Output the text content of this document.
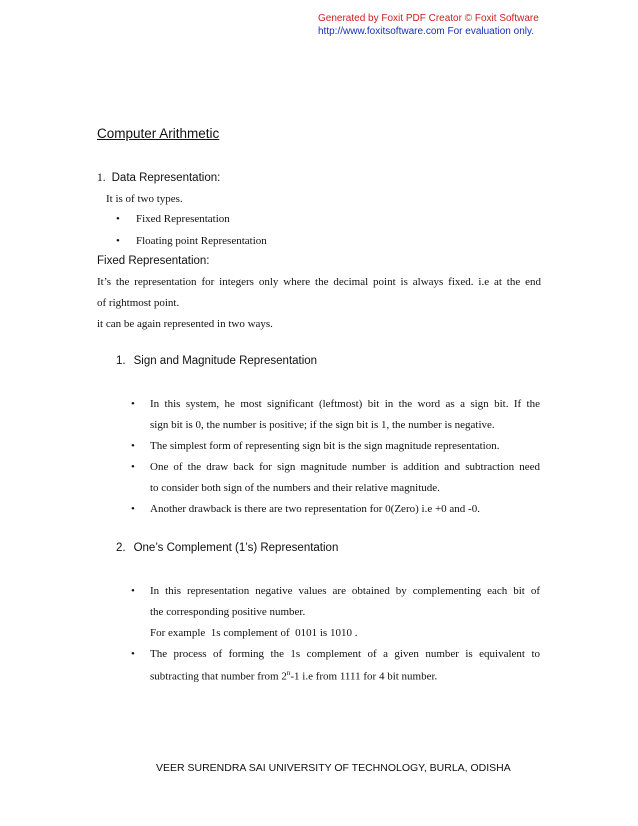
Generated by Foxit PDF Creator © Foxit Software
http://www.foxitsoftware.com For evaluation only.
Computer Arithmetic
1. Data Representation:
It is of two types.
• Fixed Representation
• Floating point Representation
Fixed Representation:
It’s the representation for integers only where the decimal point is always fixed. i.e at the end
of rightmost point.
it can be again represented in two ways.
1. Sign and Magnitude Representation
• In this system, he most significant (leftmost) bit in the word as a sign bit. If the
sign bit is 0, the number is positive; if the sign bit is 1, the number is negative.
• The simplest form of representing sign bit is the sign magnitude representation.
• One of the draw back for sign magnitude number is addition and subtraction need
to consider both sign of the numbers and their relative magnitude.
• Another drawback is there are two representation for 0(Zero) i.e +0 and -0.
2. One’s Complement (1’s) Representation
• In this representation negative values are obtained by complementing each bit of
the corresponding positive number.
For example  1s complement of  0101 is 1010 .
• The process of forming the 1s complement of a given number is equivalent to
subtracting that number from 2$^n$-1 i.e from 1111 for 4 bit number.
VEER SURENDRA SAI UNIVERSITY OF TECHNOLOGY, BURLA, ODISHA
